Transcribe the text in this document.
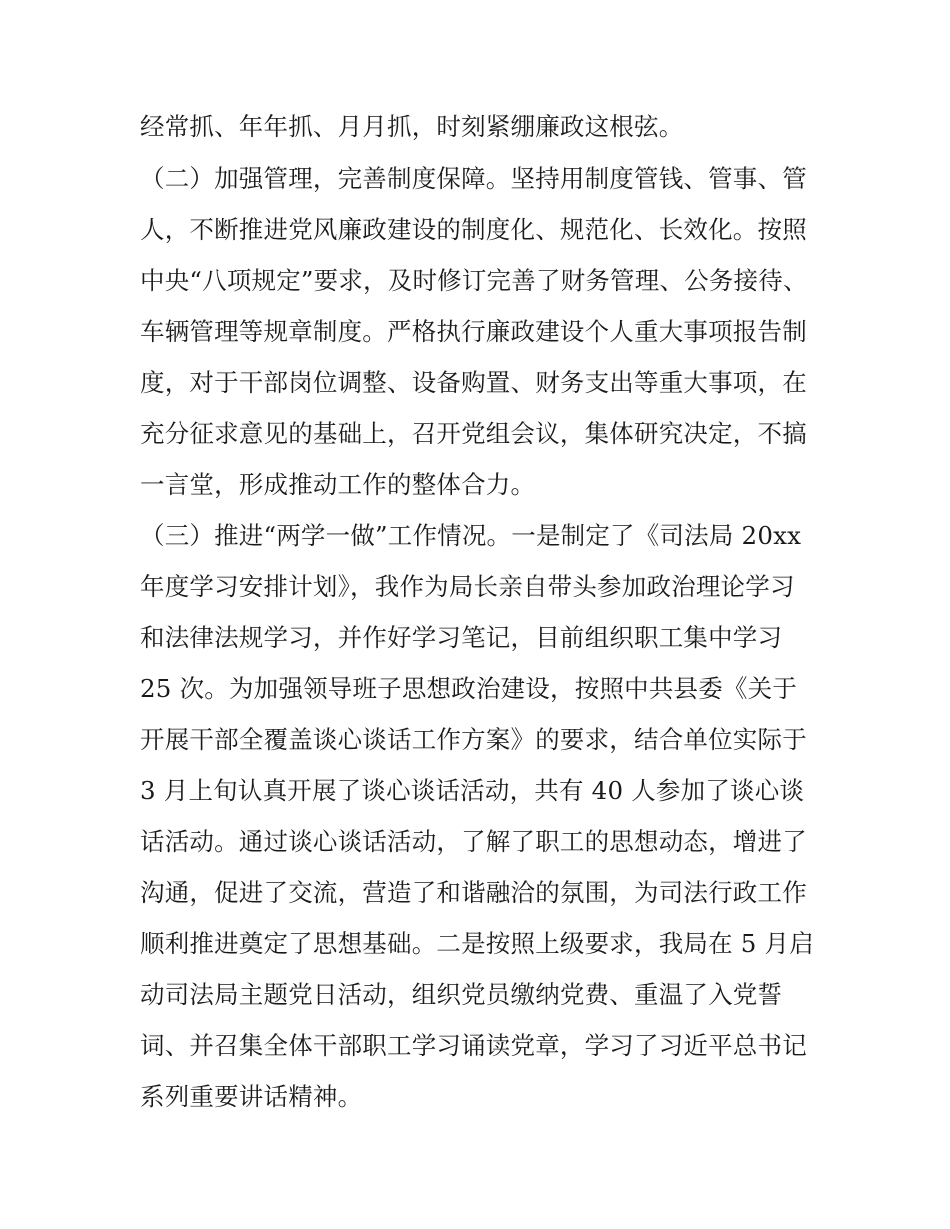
经常抓、年年抓、月月抓，时刻紧绷廉政这根弦。
（二）加强管理，完善制度保障。坚持用制度管钱、管事、管
人，不断推进党风廉政建设的制度化、规范化、长效化。按照
中央“八项规定”要求，及时修订完善了财务管理、公务接待、
车辆管理等规章制度。严格执行廉政建设个人重大事项报告制
度，对于干部岗位调整、设备购置、财务支出等重大事项，在
充分征求意见的基础上，召开党组会议，集体研究决定，不搞
一言堂，形成推动工作的整体合力。
（三）推进“两学一做”工作情况。一是制定了《司法局 20xx
年度学习安排计划》，我作为局长亲自带头参加政治理论学习
和法律法规学习，并作好学习笔记，目前组织职工集中学习
25 次。为加强领导班子思想政治建设，按照中共县委《关于
开展干部全覆盖谈心谈话工作方案》的要求，结合单位实际于
3 月上旬认真开展了谈心谈话活动，共有 40 人参加了谈心谈
话活动。通过谈心谈话活动，了解了职工的思想动态，增进了
沟通，促进了交流，营造了和谐融洽的氛围，为司法行政工作
顺利推进奠定了思想基础。二是按照上级要求，我局在 5 月启
动司法局主题党日活动，组织党员缴纳党费、重温了入党誓
词、并召集全体干部职工学习诵读党章，学习了习近平总书记
系列重要讲话精神。
